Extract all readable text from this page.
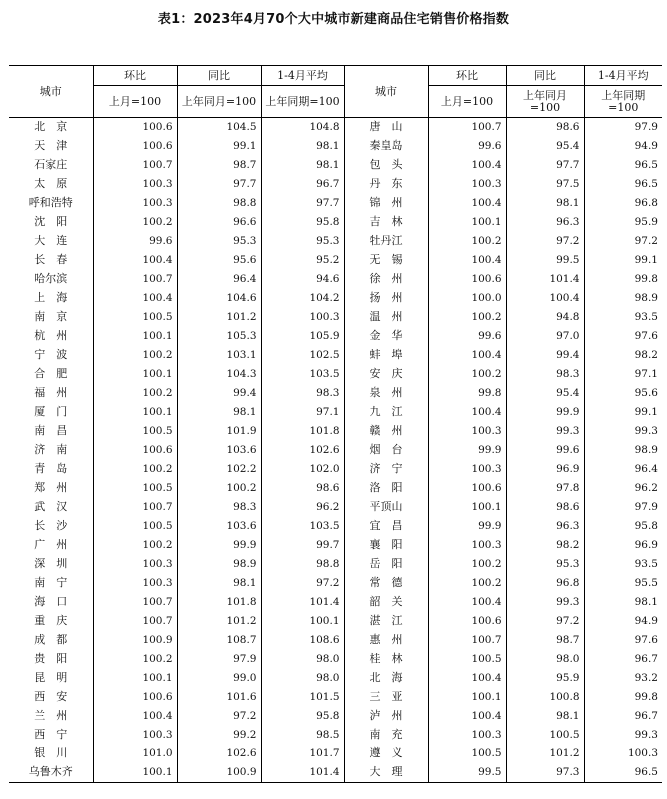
表1：2023年4月70个大中城市新建商品住宅销售价格指数
城市	环比	同比	1-4月平均	城市	环比	同比	1-4月平均
	上月=100	上年同月=100	上年同期=100		上月=100	上年同月=100	上年同期=100
北　京	100.6	104.5	104.8	唐　山	100.7	98.6	97.9
天　津	100.6	99.1	98.1	秦皇岛	99.6	95.4	94.9
石家庄	100.7	98.7	98.1	包　头	100.4	97.7	96.5
太　原	100.3	97.7	96.7	丹　东	100.3	97.5	96.5
呼和浩特	100.3	98.8	97.7	锦　州	100.4	98.1	96.8
沈　阳	100.2	96.6	95.8	吉　林	100.1	96.3	95.9
大　连	99.6	95.3	95.3	牡丹江	100.2	97.2	97.2
长　春	100.4	95.6	95.2	无　锡	100.4	99.5	99.1
哈尔滨	100.7	96.4	94.6	徐　州	100.6	101.4	99.8
上　海	100.4	104.6	104.2	扬　州	100.0	100.4	98.9
南　京	100.5	101.2	100.3	温　州	100.2	94.8	93.5
杭　州	100.1	105.3	105.9	金　华	99.6	97.0	97.6
宁　波	100.2	103.1	102.5	蚌　埠	100.4	99.4	98.2
合　肥	100.1	104.3	103.5	安　庆	100.2	98.3	97.1
福　州	100.2	99.4	98.3	泉　州	99.8	95.4	95.6
厦　门	100.1	98.1	97.1	九　江	100.4	99.9	99.1
南　昌	100.5	101.9	101.8	赣　州	100.3	99.3	99.3
济　南	100.6	103.6	102.6	烟　台	99.9	99.6	98.9
青　岛	100.2	102.2	102.0	济　宁	100.3	96.9	96.4
郑　州	100.5	100.2	98.6	洛　阳	100.6	97.8	96.2
武　汉	100.7	98.3	96.2	平顶山	100.1	98.6	97.9
长　沙	100.5	103.6	103.5	宜　昌	99.9	96.3	95.8
广　州	100.2	99.9	99.7	襄　阳	100.3	98.2	96.9
深　圳	100.3	98.9	98.8	岳　阳	100.2	95.3	93.5
南　宁	100.3	98.1	97.2	常　德	100.2	96.8	95.5
海　口	100.7	101.8	101.4	韶　关	100.4	99.3	98.1
重　庆	100.7	101.2	100.1	湛　江	100.6	97.2	94.9
成　都	100.9	108.7	108.6	惠　州	100.7	98.7	97.6
贵　阳	100.2	97.9	98.0	桂　林	100.5	98.0	96.7
昆　明	100.1	99.0	98.0	北　海	100.4	95.9	93.2
西　安	100.6	101.6	101.5	三　亚	100.1	100.8	99.8
兰　州	100.4	97.2	95.8	泸　州	100.4	98.1	96.7
西　宁	100.3	99.2	98.5	南　充	100.3	100.5	99.3
银　川	101.0	102.6	101.7	遵　义	100.5	101.2	100.3
乌鲁木齐	100.1	100.9	101.4	大　理	99.5	97.3	96.5
